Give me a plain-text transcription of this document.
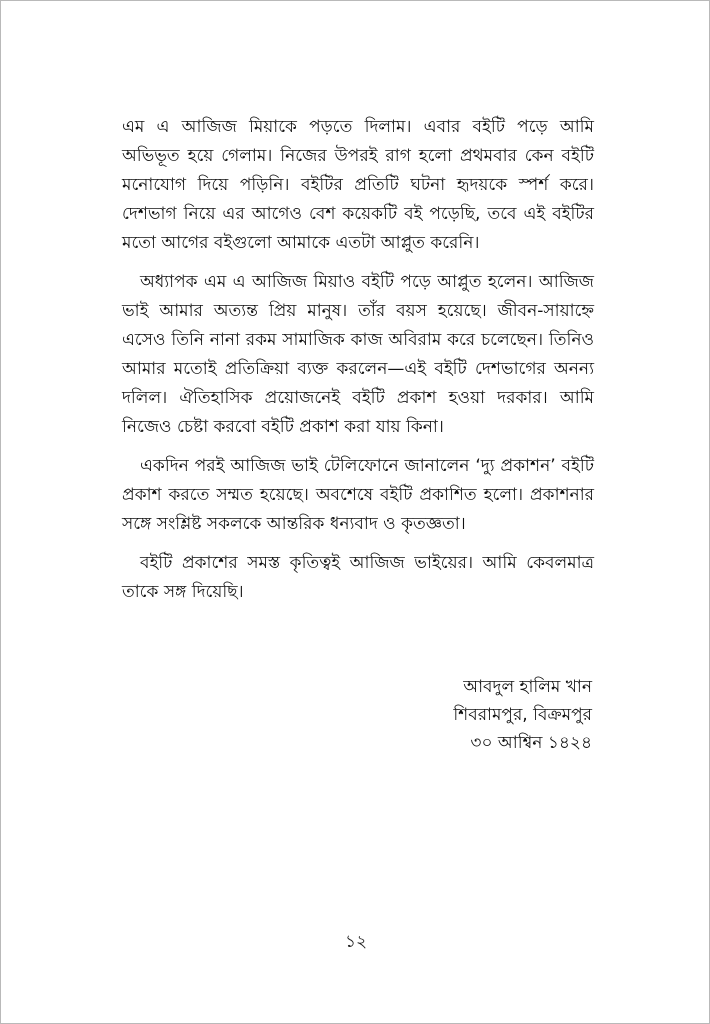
এম এ আজিজ মিয়াকে পড়তে দিলাম। এবার বইটি পড়ে আমি অভিভূত হয়ে গেলাম। নিজের উপরই রাগ হলো প্রথমবার কেন বইটি মনোযোগ দিয়ে পড়িনি। বইটির প্রতিটি ঘটনা হৃদয়কে স্পর্শ করে। দেশভাগ নিয়ে এর আগেও বেশ কয়েকটি বই পড়েছি, তবে এই বইটির মতো আগের বইগুলো আমাকে এতটা আপ্লুত করেনি।

অধ্যাপক এম এ আজিজ মিয়াও বইটি পড়ে আপ্লুত হলেন। আজিজ ভাই আমার অত্যন্ত প্রিয় মানুষ। তাঁর বয়স হয়েছে। জীবন-সায়াহ্নে এসেও তিনি নানা রকম সামাজিক কাজ অবিরাম করে চলেছেন। তিনিও আমার মতোই প্রতিক্রিয়া ব্যক্ত করলেন—এই বইটি দেশভাগের অনন্য দলিল। ঐতিহাসিক প্রয়োজনেই বইটি প্রকাশ হওয়া দরকার। আমি নিজেও চেষ্টা করবো বইটি প্রকাশ করা যায় কিনা।

একদিন পরই আজিজ ভাই টেলিফোনে জানালেন ‘দ্যু প্রকাশন’ বইটি প্রকাশ করতে সম্মত হয়েছে। অবশেষে বইটি প্রকাশিত হলো। প্রকাশনার সঙ্গে সংশ্লিষ্ট সকলকে আন্তরিক ধন্যবাদ ও কৃতজ্ঞতা।

বইটি প্রকাশের সমস্ত কৃতিত্বই আজিজ ভাইয়ের। আমি কেবলমাত্র তাকে সঙ্গ দিয়েছি।

আবদুল হালিম খান
শিবরামপুর, বিক্রমপুর
৩০ আশ্বিন ১৪২৪
১২
